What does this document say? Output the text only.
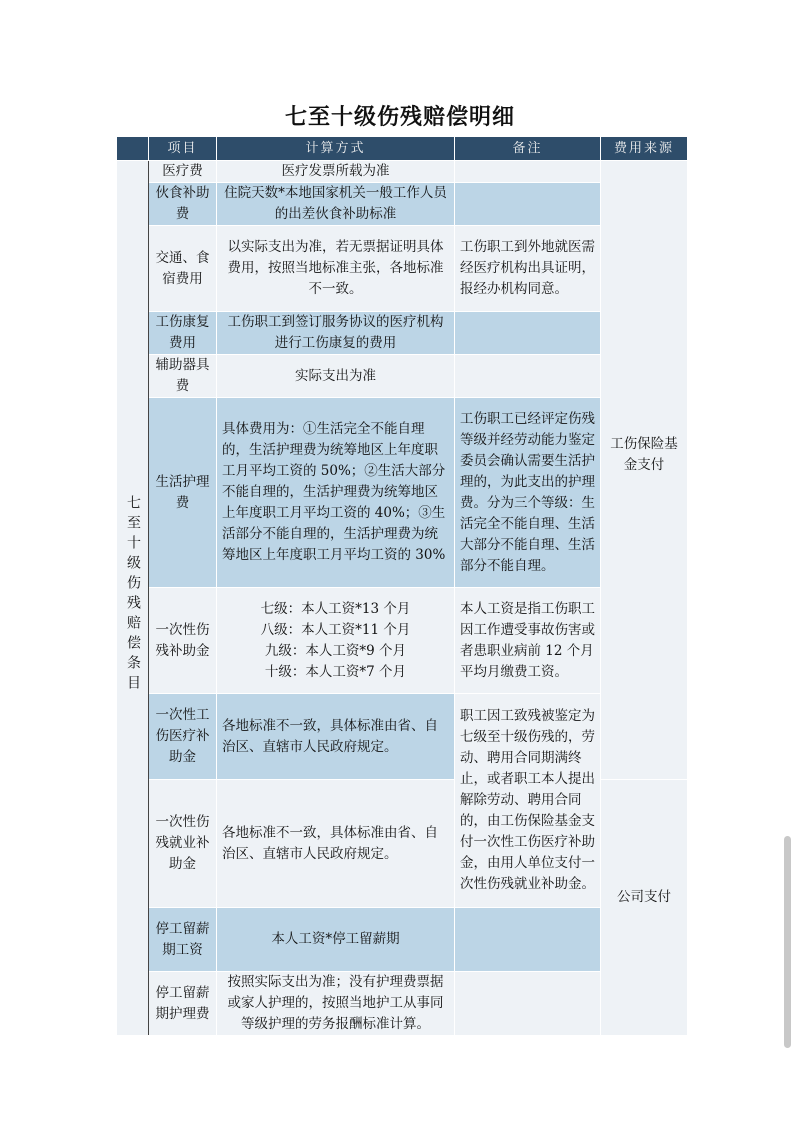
七至十级伤残赔偿明细
	项目	计算方式	备注	费用来源
七至十级伤残赔偿条目	医疗费	医疗发票所载为准		工伤保险基金支付

	伙食补助费	住院天数*本地国家机关一般工作人员的出差伙食补助标准		
	交通、食宿费用	以实际支出为准，若无票据证明具体费用，按照当地标准主张，各地标准不一致。	工伤职工到外地就医需经医疗机构出具证明，报经办机构同意。	
	工伤康复费用	工伤职工到签订服务协议的医疗机构进行工伤康复的费用		
	辅助器具费	实际支出为准		
	生活护理费	具体费用为：①生活完全不能自理的，生活护理费为统筹地区上年度职工月平均工资的 50%；②生活大部分不能自理的，生活护理费为统筹地区上年度职工月平均工资的 40%；③生活部分不能自理的，生活护理费为统筹地区上年度职工月平均工资的 30%	工伤职工已经评定伤残等级并经劳动能力鉴定委员会确认需要生活护理的，为此支出的护理费。分为三个等级：生活完全不能自理、生活大部分不能自理、生活部分不能自理。	
	一次性伤残补助金	七级：本人工资*13 个月
八级：本人工资*11 个月
九级：本人工资*9 个月
十级：本人工资*7 个月	本人工资是指工伤职工因工作遭受事故伤害或者患职业病前 12 个月平均月缴费工资。	
	一次性工伤医疗补助金	各地标准不一致，具体标准由省、自治区、直辖市人民政府规定。	职工因工致残被鉴定为七级至十级伤残的，劳动、聘用合同期满终止，或者职工本人提出解除劳动、聘用合同的，由工伤保险基金支付一次性工伤医疗补助金，由用人单位支付一次性伤残就业补助金。	
	一次性伤残就业补助金	各地标准不一致，具体标准由省、自治区、直辖市人民政府规定。		公司支付

	停工留薪期工资	本人工资*停工留薪期		
	停工留薪期护理费	按照实际支出为准；没有护理费票据或家人护理的，按照当地护工从事同等级护理的劳务报酬标准计算。		
